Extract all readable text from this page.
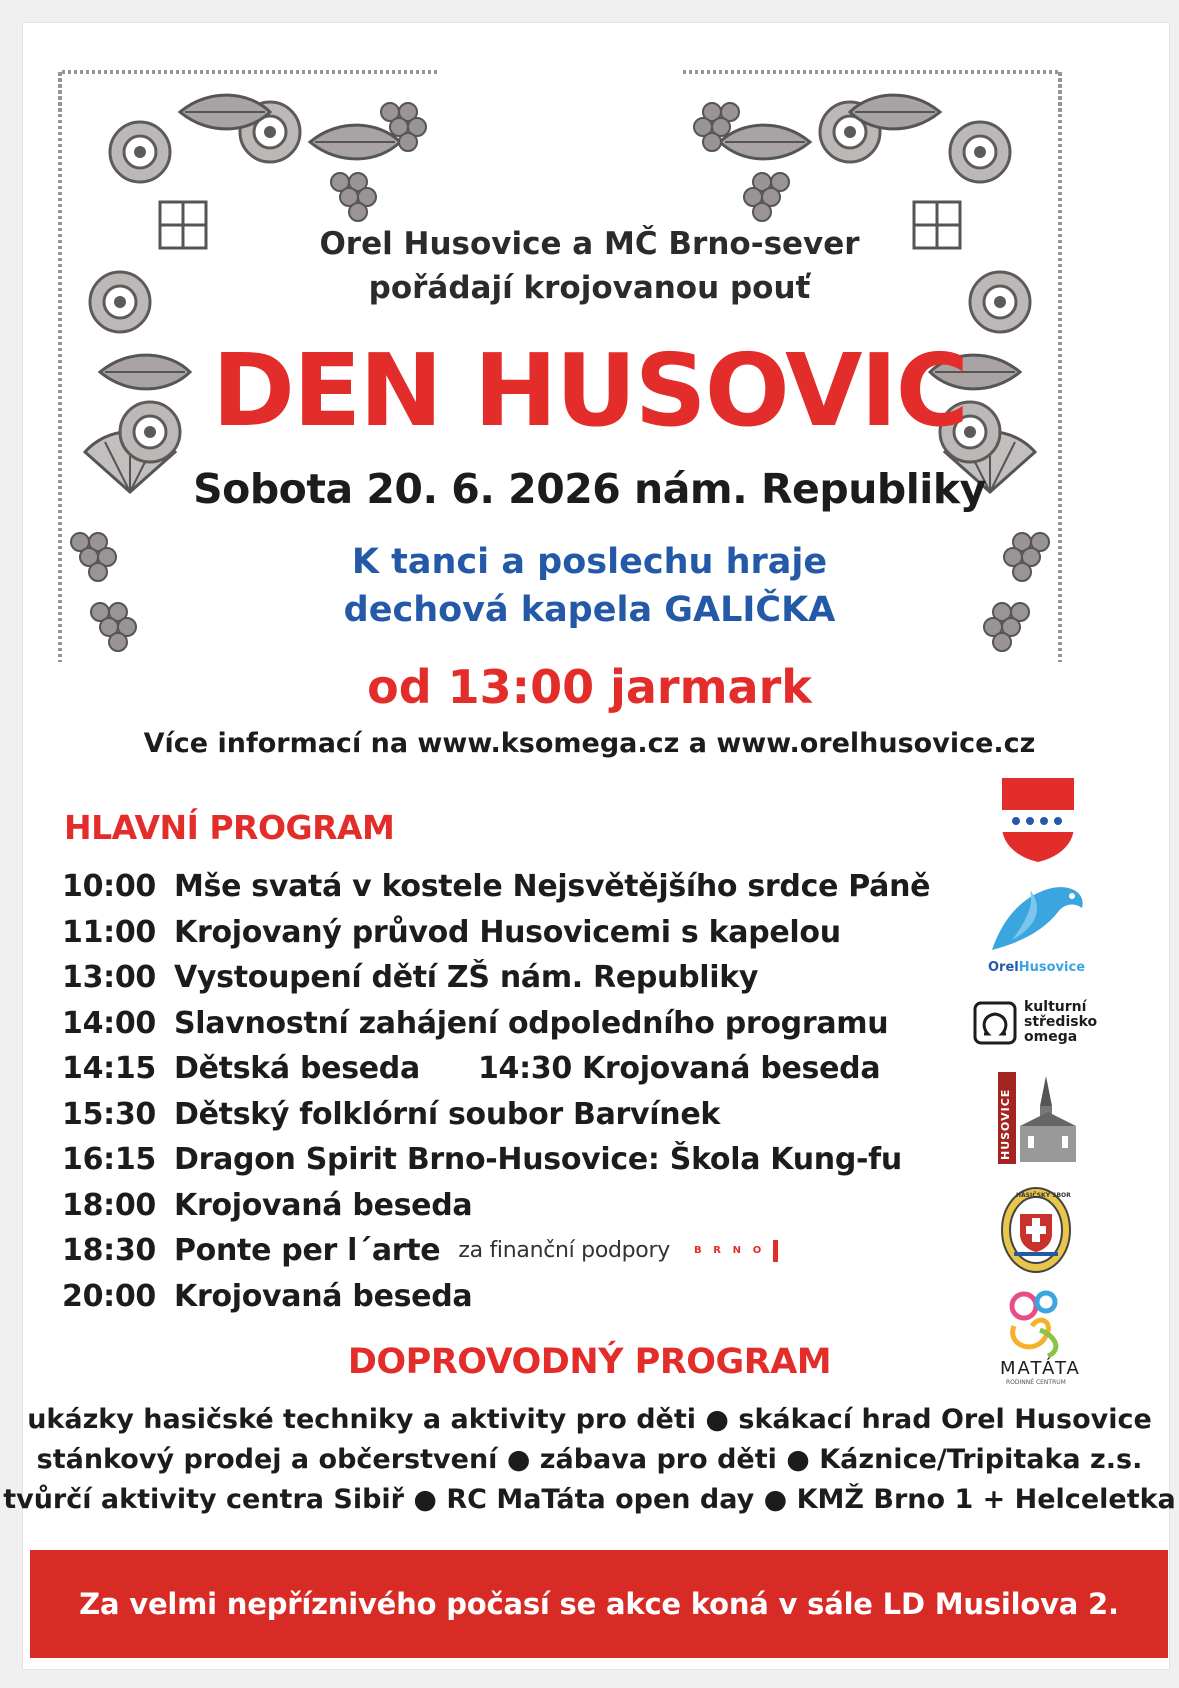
Orel Husovice a MČ Brno-sever
pořádají krojovanou pouť
DEN HUSOVIC
Sobota 20. 6. 2026 nám. Republiky
K tanci a poslechu hraje
dechová kapela GALIČKA
od 13:00 jarmark
Více informací na www.ksomega.cz a www.orelhusovice.cz
HLAVNÍ PROGRAM
10:00 Mše svatá v kostele Nejsvětějšího srdce Páně
11:00 Krojovaný průvod Husovicemi s kapelou
13:00 Vystoupení dětí ZŠ nám. Republiky
14:00 Slavnostní zahájení odpoledního programu
14:15 Dětská beseda 14:30 Krojovaná beseda
15:30 Dětský folklórní soubor Barvínek
16:15 Dragon Spirit Brno-Husovice: Škola Kung-fu
18:00 Krojovaná beseda
18:30 Ponte per l´arte za finanční podpory B R N O
20:00 Krojovaná beseda
OrelHusovice
kulturní
středisko
omega
HUSOVICE
HASIČSKÝ SBOR
MATÁTA
RODINNÉ CENTRUM
DOPROVODNÝ PROGRAM
ukázky hasičské techniky a aktivity pro děti ● skákací hrad Orel Husovice
stánkový prodej a občerstvení ● zábava pro děti ● Káznice/Tripitaka z.s.
tvůrčí aktivity centra Sibiř ● RC MaTáta open day ● KMŽ Brno 1 + Helceletka
Za velmi nepříznivého počasí se akce koná v sále LD Musilova 2.
